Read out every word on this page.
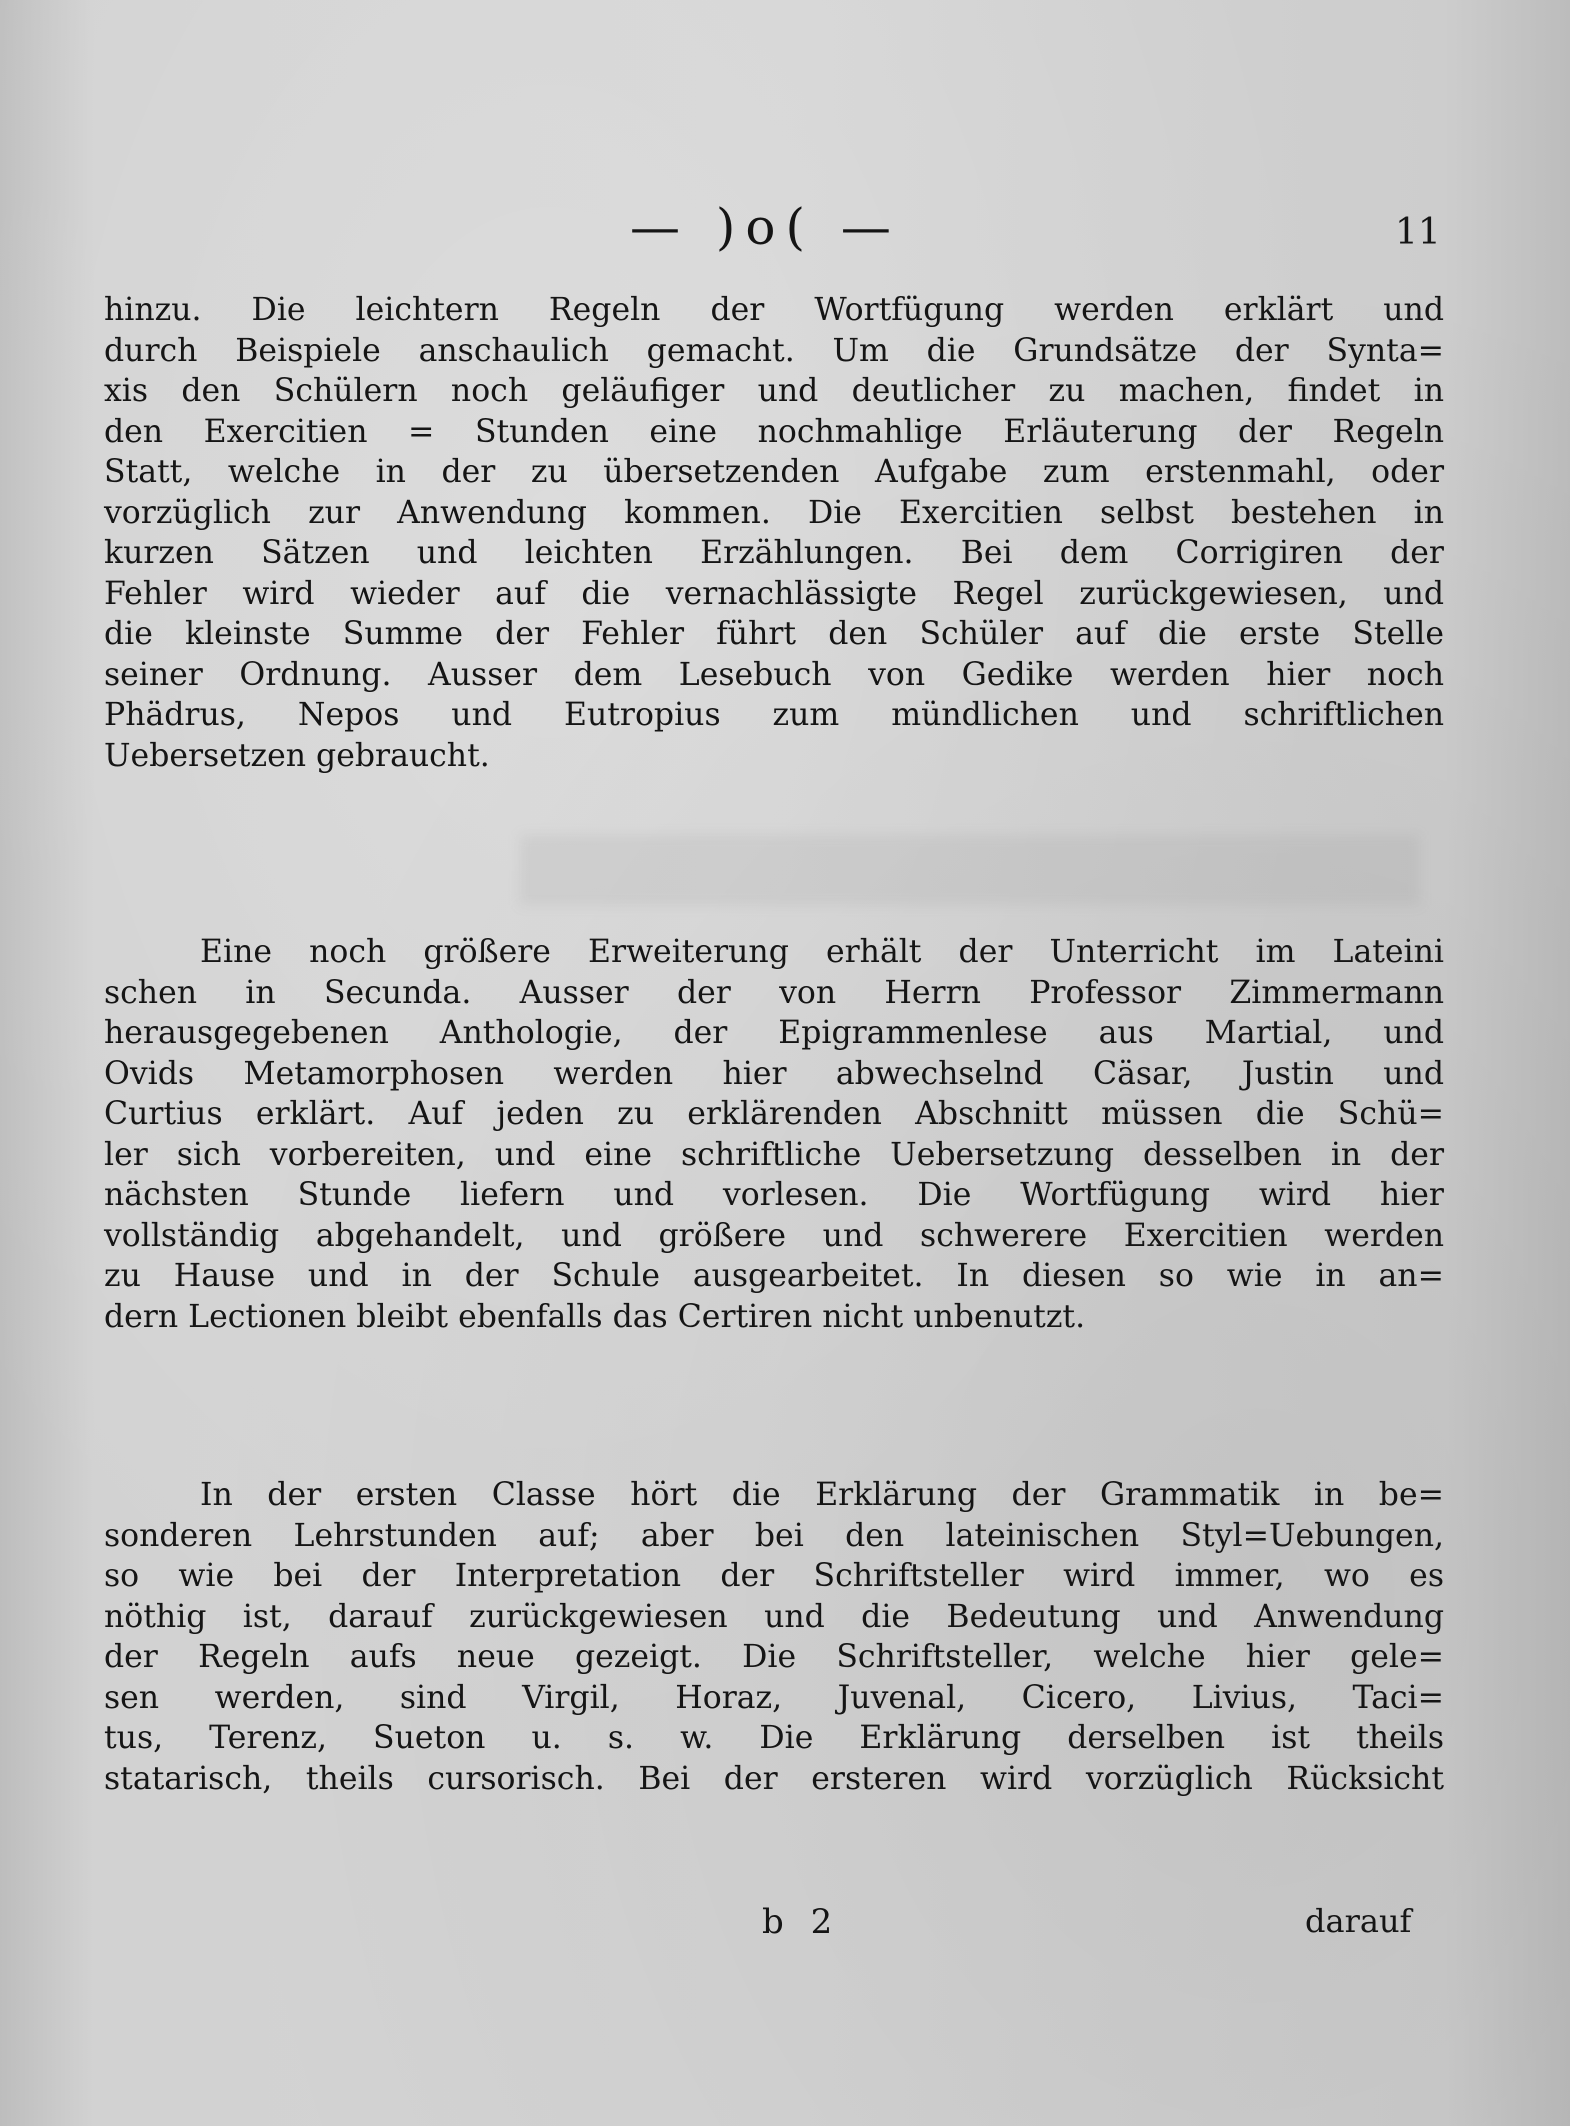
— )o( —	11
hinzu. Die leichtern Regeln der Wortfügung werden erklärt und
durch Beispiele anschaulich gemacht. Um die Grundsätze der Synta=
xis den Schülern noch geläufiger und deutlicher zu machen, findet in
den Exercitien = Stunden eine nochmahlige Erläuterung der Regeln
Statt, welche in der zu übersetzenden Aufgabe zum erstenmahl, oder
vorzüglich zur Anwendung kommen. Die Exercitien selbst bestehen in
kurzen Sätzen und leichten Erzählungen. Bei dem Corrigiren der
Fehler wird wieder auf die vernachlässigte Regel zurückgewiesen, und
die kleinste Summe der Fehler führt den Schüler auf die erste Stelle
seiner Ordnung. Ausser dem Lesebuch von Gedike werden hier noch
Phädrus, Nepos und Eutropius zum mündlichen und schriftlichen
Uebersetzen gebraucht.
Eine noch größere Erweiterung erhält der Unterricht im Lateini
schen in Secunda. Ausser der von Herrn Professor Zimmermann
herausgegebenen Anthologie, der Epigrammenlese aus Martial, und
Ovids Metamorphosen werden hier abwechselnd Cäsar, Justin und
Curtius erklärt. Auf jeden zu erklärenden Abschnitt müssen die Schü=
ler sich vorbereiten, und eine schriftliche Uebersetzung desselben in der
nächsten Stunde liefern und vorlesen. Die Wortfügung wird hier
vollständig abgehandelt, und größere und schwerere Exercitien werden
zu Hause und in der Schule ausgearbeitet. In diesen so wie in an=
dern Lectionen bleibt ebenfalls das Certiren nicht unbenutzt.
In der ersten Classe hört die Erklärung der Grammatik in be=
sonderen Lehrstunden auf; aber bei den lateinischen Styl=Uebungen,
so wie bei der Interpretation der Schriftsteller wird immer, wo es
nöthig ist, darauf zurückgewiesen und die Bedeutung und Anwendung
der Regeln aufs neue gezeigt. Die Schriftsteller, welche hier gele=
sen werden, sind Virgil, Horaz, Juvenal, Cicero, Livius, Taci=
tus, Terenz, Sueton u. s. w. Die Erklärung derselben ist theils
statarisch, theils cursorisch. Bei der ersteren wird vorzüglich Rücksicht
b 2	darauf
